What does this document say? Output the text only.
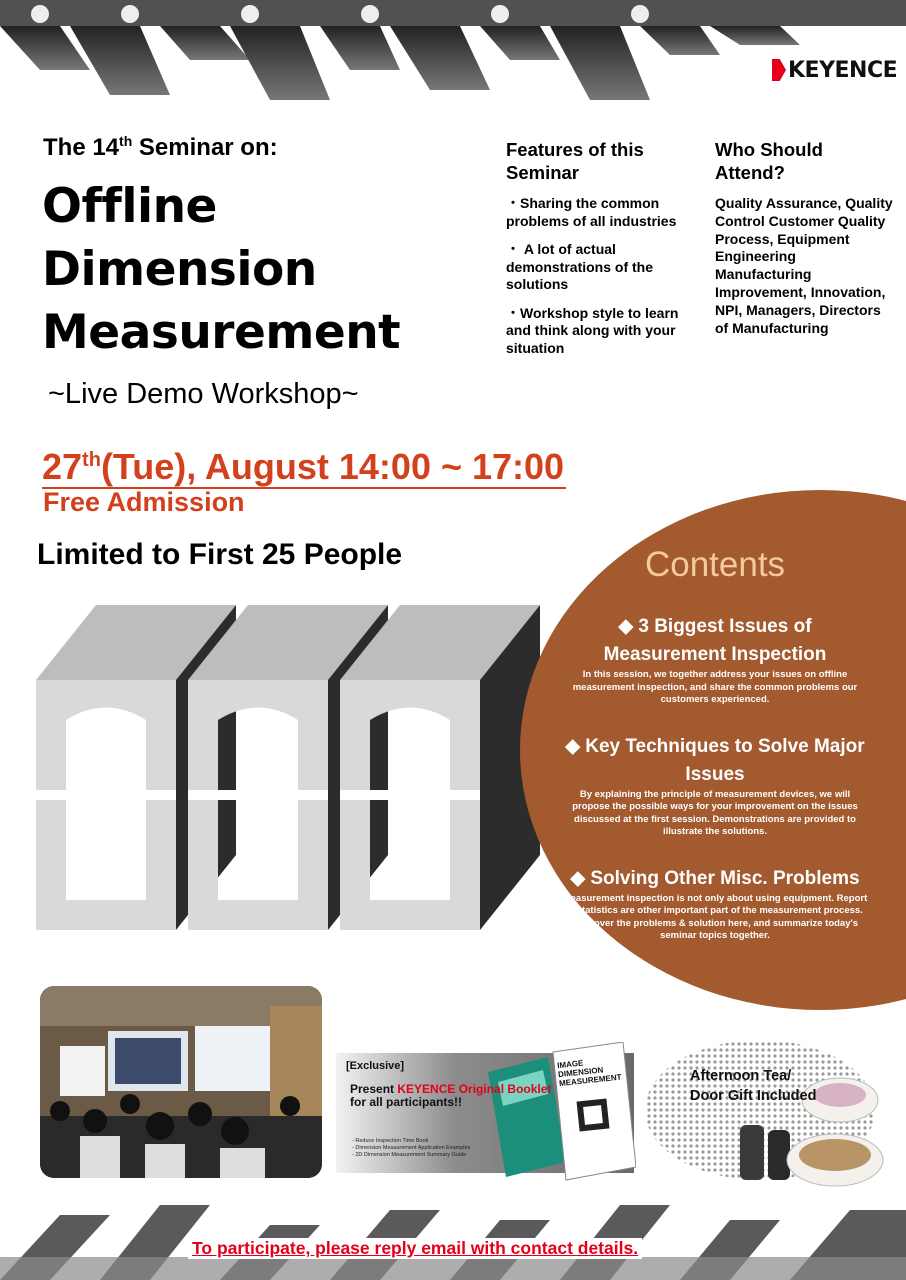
KEYENCE
The 14th Seminar on:
Offline
Dimension
Measurement
~Live Demo Workshop~
27th(Tue), August 14:00 ~ 17:00
Free Admission
Limited to First 25 People
Features of this Seminar
・Sharing the common problems of all industries
・ A lot of actual demonstrations of the solutions
・Workshop style to learn and think along with your situation
Who Should Attend?
Quality Assurance, Quality Control Customer Quality Process, Equipment Engineering Manufacturing Improvement, Innovation, NPI, Managers, Directors of Manufacturing
Contents
◆ 3 Biggest Issues of Measurement Inspection
In this session, we together address your issues on offline measurement inspection, and share the common problems our customers experienced.
◆ Key Techniques to Solve Major Issues
By explaining the principle of measurement devices, we will propose the possible ways for your improvement on the issues discussed at the first session. Demonstrations are provided to illustrate the solutions.
◆ Solving Other Misc. Problems
Measurement inspection is not only about using equipment. Report & statistics are other important part of the measurement process. We cover the problems & solution here, and summarize today's seminar topics together.
IMAGE DIMENSION MEASUREMENT
[Exclusive]
Present KEYENCE Original Booklet
for all participants!!
- Reduce Inspection Time Book
- Dimension Measurement Application Examples
- 2D Dimension Measurement Summary Guide
Afternoon Tea/ Door Gift Included
To participate, please reply email with contact details.
